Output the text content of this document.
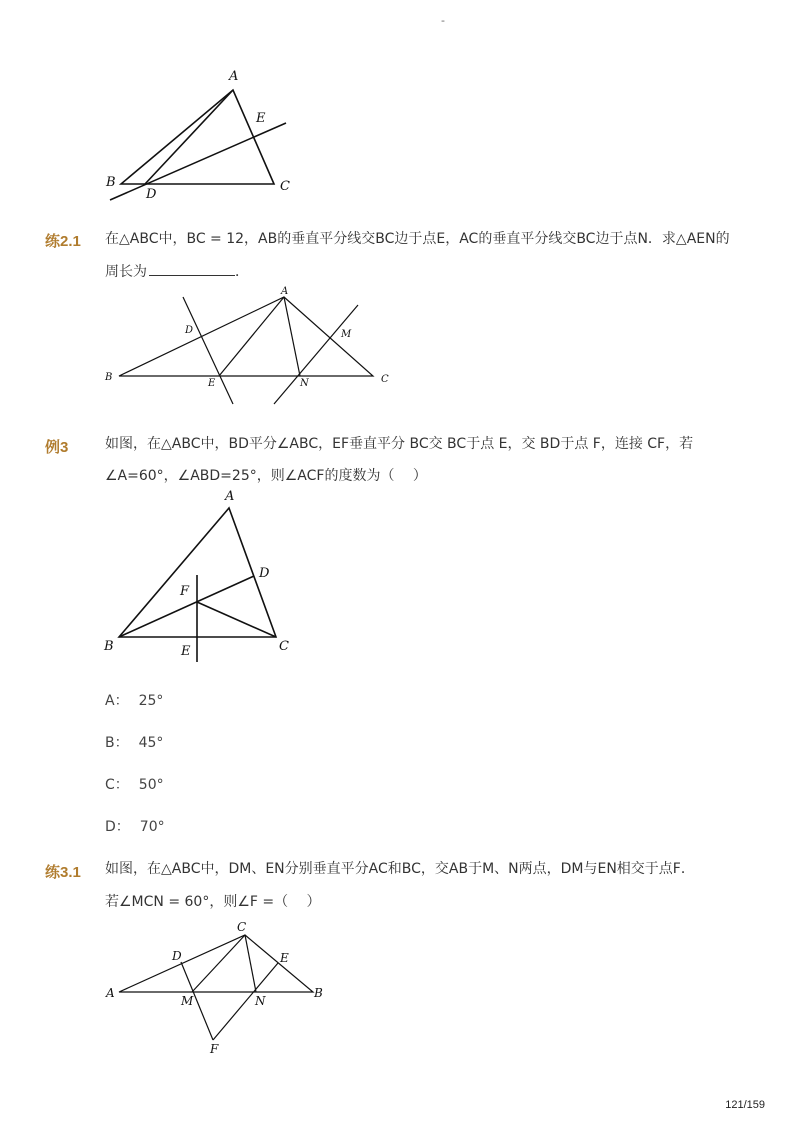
-
A
B	C
D
E
练2.1 在△ABC中，BC = 12，AB的垂直平分线交BC边于点E，AC的垂直平分线交BC边于点N．求△AEN的
周长为	．
A
B	C
D
E
M
N
例3	如图，在△ABC中，BD平分∠ABC，EF垂直平分 BC交 BC于点 E，交 BD于点 F，连接 CF，若
∠A=60°，∠ABD=25°，则∠ACF的度数为（　 ）
A
B	C
D
E
F
A： 25°
B： 45°
C： 50°
D： 70°
练3.1 如图，在△ABC中，DM、EN分别垂直平分AC和BC，交AB于M、N两点，DM与EN相交于点F．
若∠MCN = 60°，则∠F =（　 ）
C
A	B
D	E
M	N
F
121/159
